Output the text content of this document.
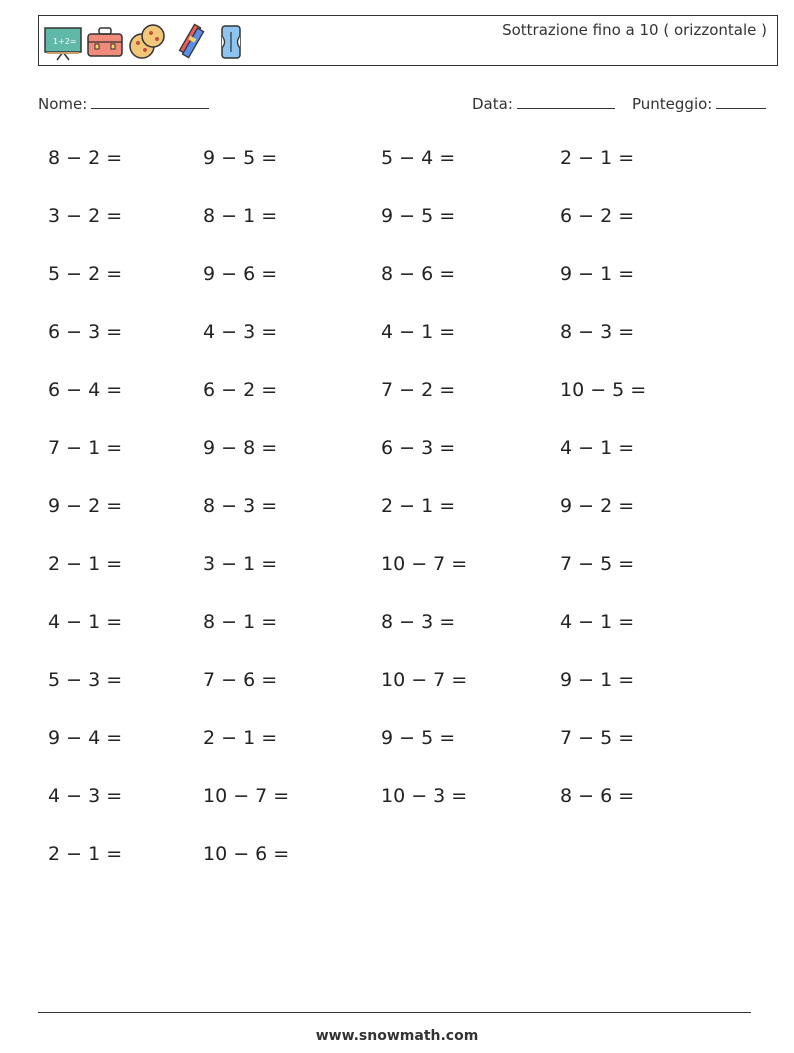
1+2=
Sottrazione fino a 10 ( orizzontale )
Nome:	Data:	Punteggio:
8 − 2 =	9 − 5 =	5 − 4 =	2 − 1 =
3 − 2 =	8 − 1 =	9 − 5 =	6 − 2 =
5 − 2 =	9 − 6 =	8 − 6 =	9 − 1 =
6 − 3 =	4 − 3 =	4 − 1 =	8 − 3 =
6 − 4 =	6 − 2 =	7 − 2 =	10 − 5 =
7 − 1 =	9 − 8 =	6 − 3 =	4 − 1 =
9 − 2 =	8 − 3 =	2 − 1 =	9 − 2 =
2 − 1 =	3 − 1 =	10 − 7 =	7 − 5 =
4 − 1 =	8 − 1 =	8 − 3 =	4 − 1 =
5 − 3 =	7 − 6 =	10 − 7 =	9 − 1 =
9 − 4 =	2 − 1 =	9 − 5 =	7 − 5 =
4 − 3 =	10 − 7 =	10 − 3 =	8 − 6 =
2 − 1 =	10 − 6 =
www.snowmath.com
